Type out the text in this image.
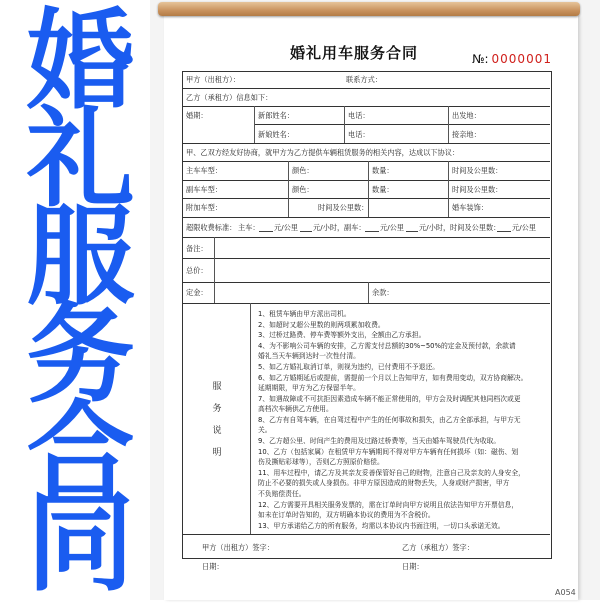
婚
礼
服
务
合
同
婚礼用车服务合同	№: 0000001
甲方（出租方）：	联系方式：
乙方（承租方）信息如下：
婚期：	新郎姓名：	电话：	出发地：
新娘姓名：	电话：	接亲地：
甲、乙双方经友好协商，就甲方为乙方提供车辆租赁服务的相关内容，达成以下协议：
主车车型：	颜色：	数量：	时间及公里数：
副车车型：	颜色：	数量：	时间及公里数：
附加车型：	时间及公里数：	婚车装饰：
超限收费标准： 主车： 元/公里 元/小时， 副车： 元/公里 元/小时， 时间及公里数： 元/公里
备注：
总价：
定金：	余款：
服
务
说
明
1、租赁车辆由甲方派出司机。
2、如超时又超公里数的则两项累加收费。
3、过桥过路费、停车费等额外支出，全额由乙方承担。
4、为不影响公司车辆的安排，乙方需支付总额的30%~50%的定金及预付款，余款请
婚礼当天车辆到达时一次性付清。
5、如乙方婚礼取消订单，则视为违约，已付费用不予退还。
6、如乙方婚期延后或提前，需提前一个月以上告知甲方，如有费用变动，双方协商解决。
延期期限，甲方为乙方保留半年。
7、如遇故障或不可抗拒因素造成车辆不能正常使用的，甲方会及时调配其他同档次或更
高档次车辆供乙方使用。
8、乙方有自驾车辆，在自驾过程中产生的任何事故和损失，由乙方全部承担，与甲方无
关。
9、乙方超公里、时间产生的费用及过路过桥费等，当天由婚车驾驶员代为收取。
10、乙方（包括家属）在租赁甲方车辆期间不得对甲方车辆有任何损坏（如：磁伤、划
伤及撕贴彩球等），否则乙方照原价赔偿。
11、用车过程中，请乙方及其亲友妥善保管好自己的财物，注意自己及亲友的人身安全，
防止不必要的损失或人身损伤。非甲方原因造成的财物丢失，人身或财产损害，甲方
不负赔偿责任。
12、乙方需要开具相关服务发票的，需在订单时向甲方说明且依法告知甲方开票信息，
如未在订单时告知的，双方明确本协议的费用为不含税价。
13、甲方承诺给乙方的所有服务，均需以本协议内书面注明，一切口头承诺无效。
甲方（出租方）签字：	乙方（承租方）签字：
日期：	日期：
A054
